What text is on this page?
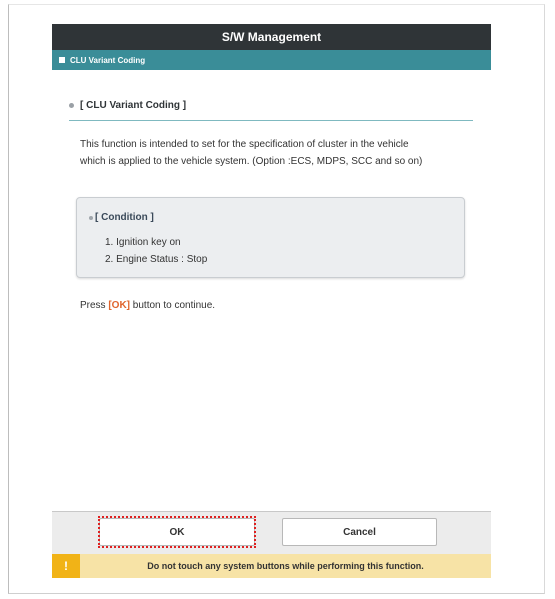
S/W Management
CLU Variant Coding
[ CLU Variant Coding ]
This function is intended to set for the specification of cluster in the vehicle
which is applied to the vehicle system. (Option :ECS, MDPS, SCC and so on)
[ Condition ]
1. Ignition key on
2. Engine Status : Stop
Press [OK] button to continue.
OK	Cancel
!	Do not touch any system buttons while performing this function.
